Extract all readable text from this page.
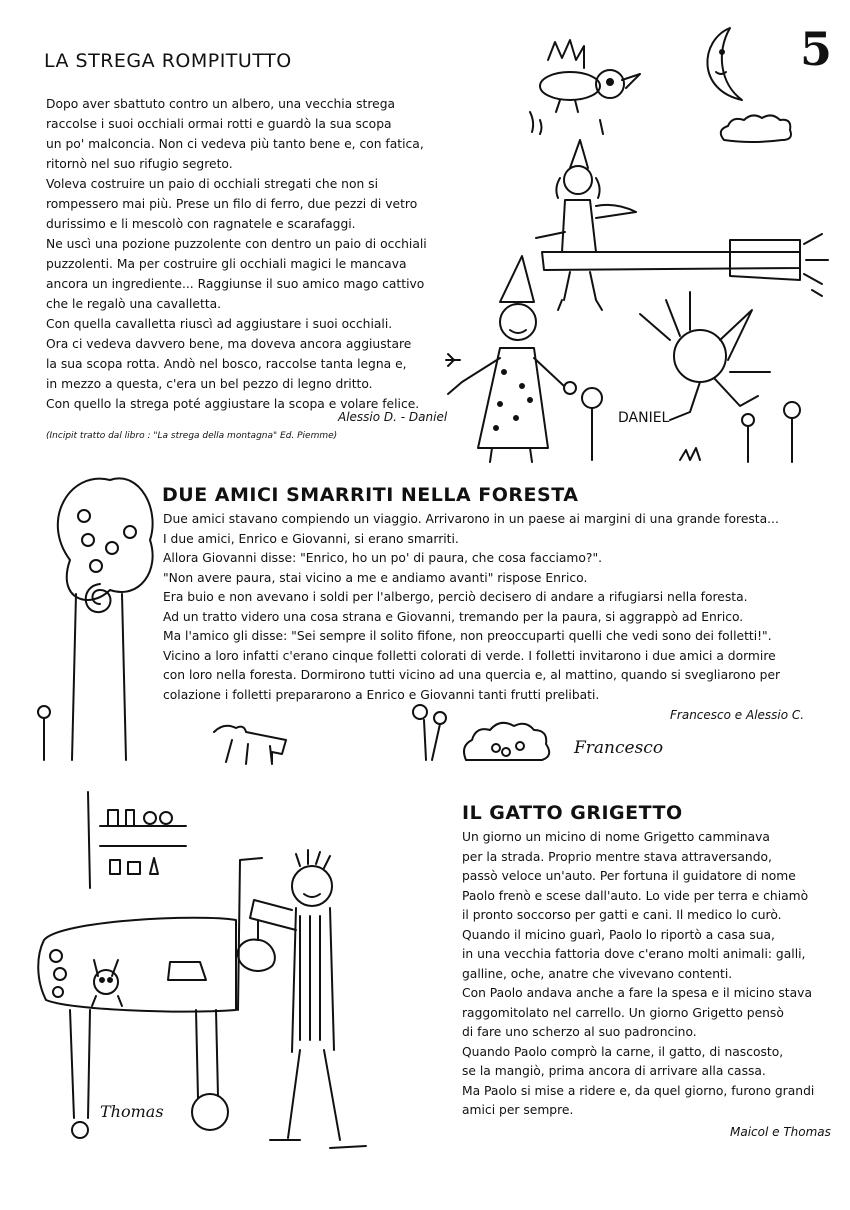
5
LA STREGA ROMPITUTTO
Dopo aver sbattuto contro un albero, una vecchia strega
raccolse i suoi occhiali ormai rotti e guardò la sua scopa
un po' malconcia. Non ci vedeva più tanto bene e, con fatica,
ritornò nel suo rifugio segreto.
Voleva costruire un paio di occhiali stregati che non si
rompessero mai più. Prese un filo di ferro, due pezzi di vetro
durissimo e li mescolò con ragnatele e scarafaggi.
Ne uscì una pozione puzzolente con dentro un paio di occhiali
puzzolenti. Ma per costruire gli occhiali magici le mancava
ancora un ingrediente... Raggiunse il suo amico mago cattivo
che le regalò una cavalletta.
Con quella cavalletta riuscì ad aggiustare i suoi occhiali.
Ora ci vedeva davvero bene, ma doveva ancora aggiustare
la sua scopa rotta. Andò nel bosco, raccolse tanta legna e,
in mezzo a questa, c'era un bel pezzo di legno dritto.
Con quello la strega poté aggiustare la scopa e volare felice.
Alessio D. - Daniel
(Incipit tratto dal libro : "La strega della montagna" Ed. Piemme)
DUE AMICI SMARRITI NELLA FORESTA
Due amici stavano compiendo un viaggio. Arrivarono in un paese ai margini di una grande foresta...
I due amici, Enrico e Giovanni, si erano smarriti.
Allora Giovanni disse: "Enrico, ho un po' di paura, che cosa facciamo?".
"Non avere paura, stai vicino a me e andiamo avanti" rispose Enrico.
Era buio e non avevano i soldi per l'albergo, perciò decisero di andare a rifugiarsi nella foresta.
Ad un tratto videro una cosa strana e Giovanni, tremando per la paura, si aggrappò ad Enrico.
Ma l'amico gli disse: "Sei sempre il solito fifone, non preoccuparti quelli che vedi sono dei folletti!".
Vicino a loro infatti c'erano cinque folletti colorati di verde. I folletti invitarono i due amici a dormire
con loro nella foresta. Dormirono tutti vicino ad una quercia e, al mattino, quando si svegliarono per
colazione i folletti prepararono a Enrico e Giovanni tanti frutti prelibati.
Francesco e Alessio C.
IL GATTO GRIGETTO
Un giorno un micino di nome Grigetto camminava
per la strada. Proprio mentre stava attraversando,
passò veloce un'auto. Per fortuna il guidatore di nome
Paolo frenò e scese dall'auto. Lo vide per terra e chiamò
il pronto soccorso per gatti e cani. Il medico lo curò.
Quando il micino guarì, Paolo lo riportò a casa sua,
in una vecchia fattoria dove c'erano molti animali: galli,
galline, oche, anatre che vivevano contenti.
Con Paolo andava anche a fare la spesa e il micino stava
raggomitolato nel carrello. Un giorno Grigetto pensò
di fare uno scherzo al suo padroncino.
Quando Paolo comprò la carne, il gatto, di nascosto,
se la mangiò, prima ancora di arrivare alla cassa.
Ma Paolo si mise a ridere e, da quel giorno, furono grandi
amici per sempre.
Maicol e Thomas
DANIEL
Francesco
Thomas
